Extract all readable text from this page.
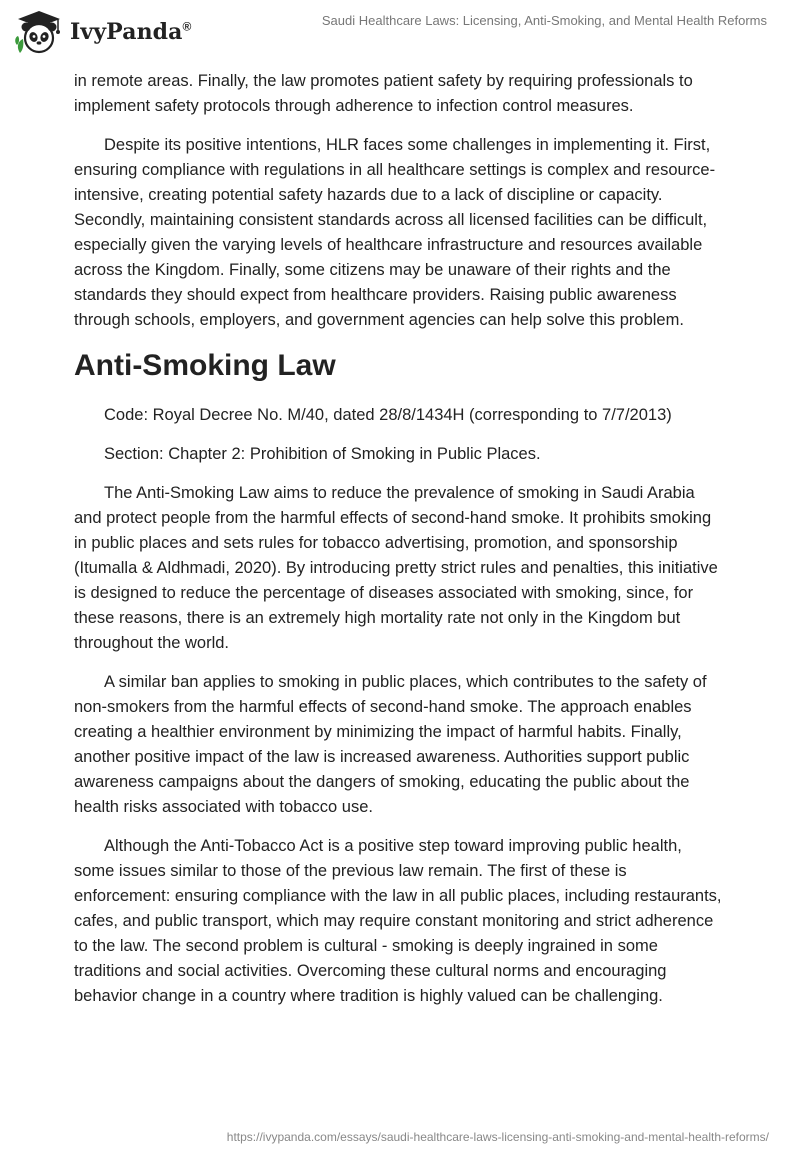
IvyPanda®	Saudi Healthcare Laws: Licensing, Anti-Smoking, and Mental Health Reforms

in remote areas. Finally, the law promotes patient safety by requiring professionals to implement safety protocols through adherence to infection control measures.

Despite its positive intentions, HLR faces some challenges in implementing it. First, ensuring compliance with regulations in all healthcare settings is complex and resource-intensive, creating potential safety hazards due to a lack of discipline or capacity. Secondly, maintaining consistent standards across all licensed facilities can be difficult, especially given the varying levels of healthcare infrastructure and resources available across the Kingdom. Finally, some citizens may be unaware of their rights and the standards they should expect from healthcare providers. Raising public awareness through schools, employers, and government agencies can help solve this problem.

Anti-Smoking Law

Code: Royal Decree No. M/40, dated 28/8/1434H (corresponding to 7/7/2013)

Section: Chapter 2: Prohibition of Smoking in Public Places.

The Anti-Smoking Law aims to reduce the prevalence of smoking in Saudi Arabia and protect people from the harmful effects of second-hand smoke. It prohibits smoking in public places and sets rules for tobacco advertising, promotion, and sponsorship (Itumalla & Aldhmadi, 2020). By introducing pretty strict rules and penalties, this initiative is designed to reduce the percentage of diseases associated with smoking, since, for these reasons, there is an extremely high mortality rate not only in the Kingdom but throughout the world.

A similar ban applies to smoking in public places, which contributes to the safety of non-smokers from the harmful effects of second-hand smoke. The approach enables creating a healthier environment by minimizing the impact of harmful habits. Finally, another positive impact of the law is increased awareness. Authorities support public awareness campaigns about the dangers of smoking, educating the public about the health risks associated with tobacco use.

Although the Anti-Tobacco Act is a positive step toward improving public health, some issues similar to those of the previous law remain. The first of these is enforcement: ensuring compliance with the law in all public places, including restaurants, cafes, and public transport, which may require constant monitoring and strict adherence to the law. The second problem is cultural - smoking is deeply ingrained in some traditions and social activities. Overcoming these cultural norms and encouraging behavior change in a country where tradition is highly valued can be challenging.

https://ivypanda.com/essays/saudi-healthcare-laws-licensing-anti-smoking-and-mental-health-reforms/
